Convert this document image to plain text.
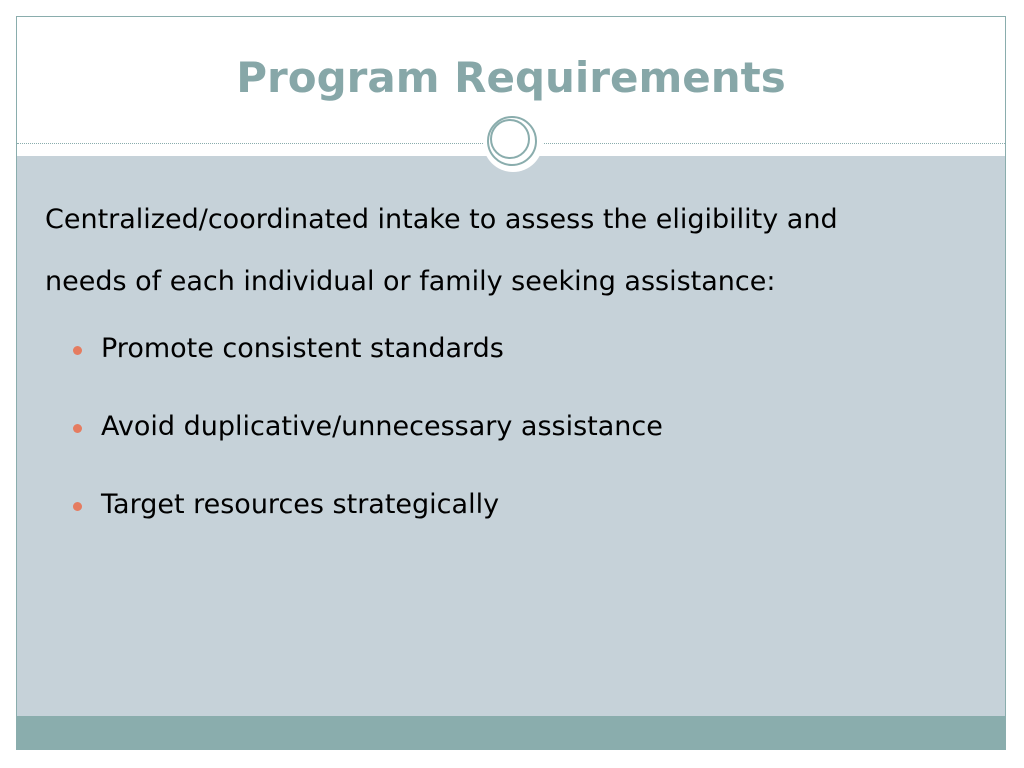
Program Requirements
Centralized/coordinated intake to assess the eligibility and
needs of each individual or family seeking assistance:
Promote consistent standards
Avoid duplicative/unnecessary assistance
Target resources strategically
